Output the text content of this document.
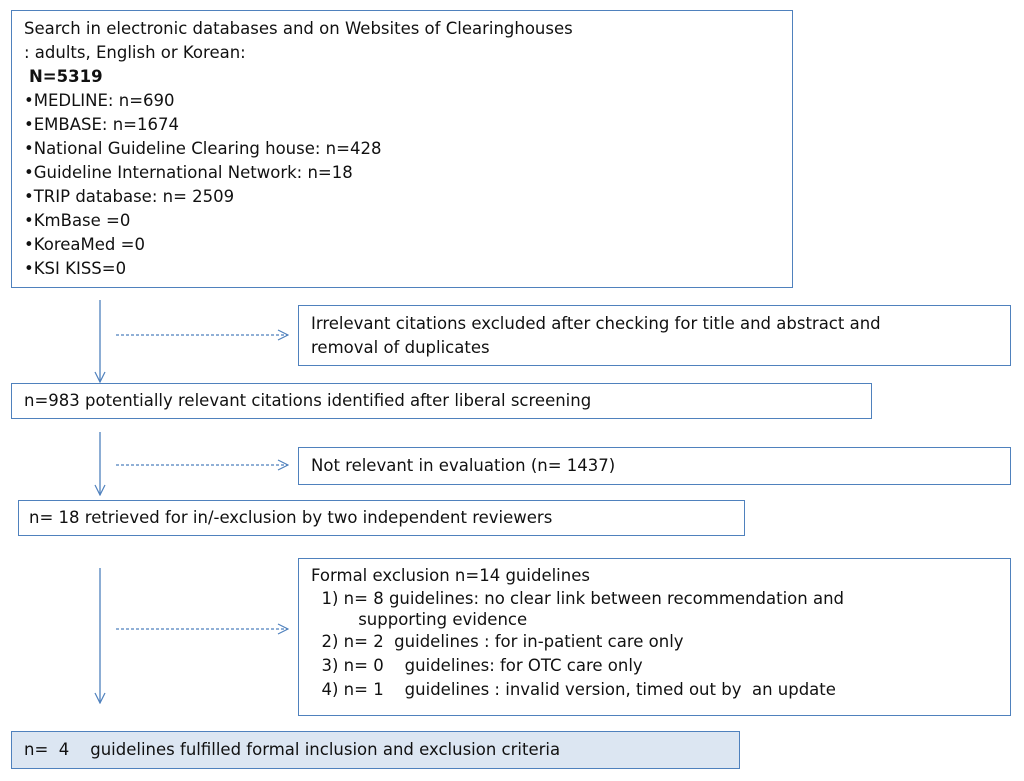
Search in electronic databases and on Websites of Clearinghouses
: adults, English or Korean:
N=5319
•MEDLINE: n=690
•EMBASE: n=1674
•National Guideline Clearing house: n=428
•Guideline International Network: n=18
•TRIP database: n= 2509
•KmBase =0
•KoreaMed =0
•KSI KISS=0
Irrelevant citations excluded after checking for title and abstract and
removal of duplicates
n=983 potentially relevant citations identified after liberal screening
Not relevant in evaluation (n= 1437)
n= 18 retrieved for in/-exclusion by two independent reviewers
Formal exclusion n=14 guidelines
1) n= 8 guidelines: no clear link between recommendation and
supporting evidence
2) n= 2  guidelines : for in-patient care only
3) n= 0    guidelines: for OTC care only
4) n= 1    guidelines : invalid version, timed out by  an update
n=  4    guidelines fulfilled formal inclusion and exclusion criteria
